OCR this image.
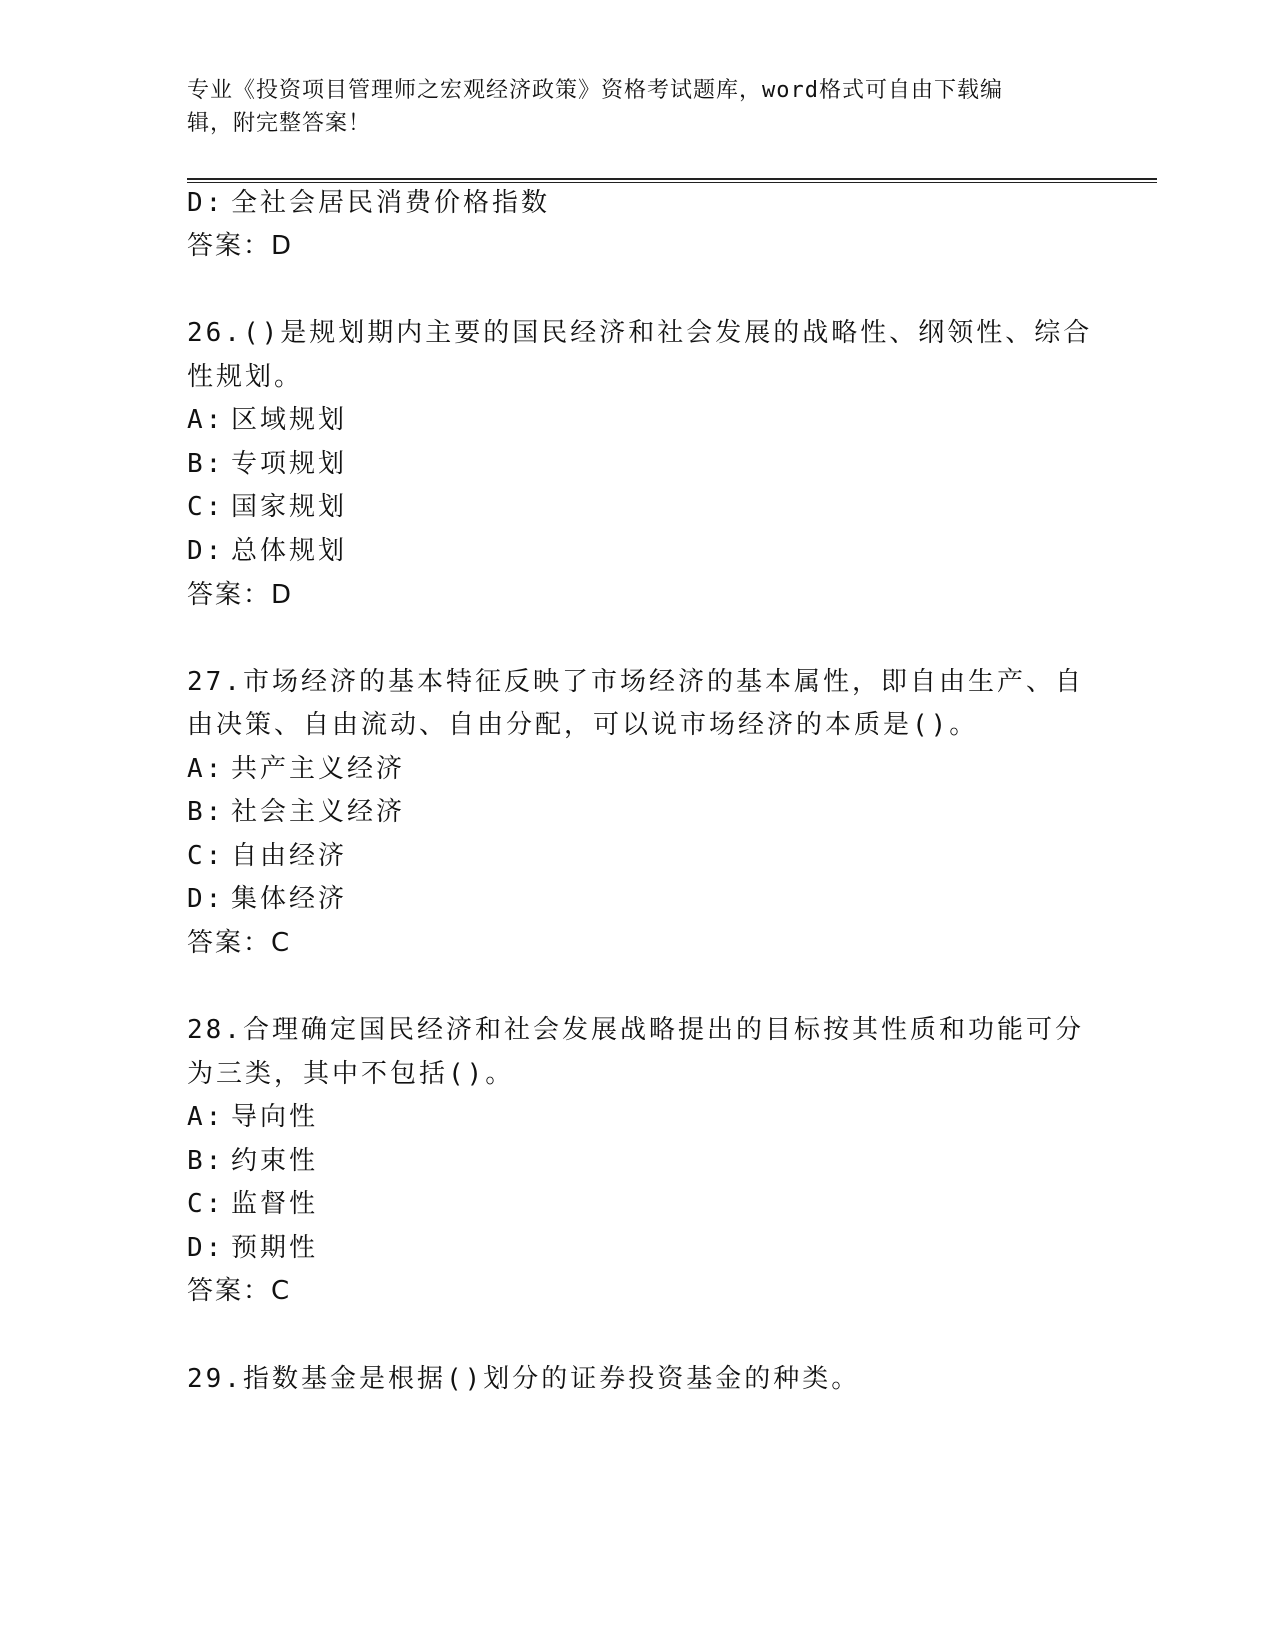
专业《投资项目管理师之宏观经济政策》资格考试题库，word格式可自由下载编
辑，附完整答案！
D: 全社会居民消费价格指数
答案：D
26.()是规划期内主要的国民经济和社会发展的战略性、纲领性、综合
性规划。
A: 区域规划
B: 专项规划
C: 国家规划
D: 总体规划
答案：D
27.市场经济的基本特征反映了市场经济的基本属性，即自由生产、自
由决策、自由流动、自由分配，可以说市场经济的本质是()。
A: 共产主义经济
B: 社会主义经济
C: 自由经济
D: 集体经济
答案：C
28.合理确定国民经济和社会发展战略提出的目标按其性质和功能可分
为三类，其中不包括()。
A: 导向性
B: 约束性
C: 监督性
D: 预期性
答案：C
29.指数基金是根据()划分的证券投资基金的种类。
